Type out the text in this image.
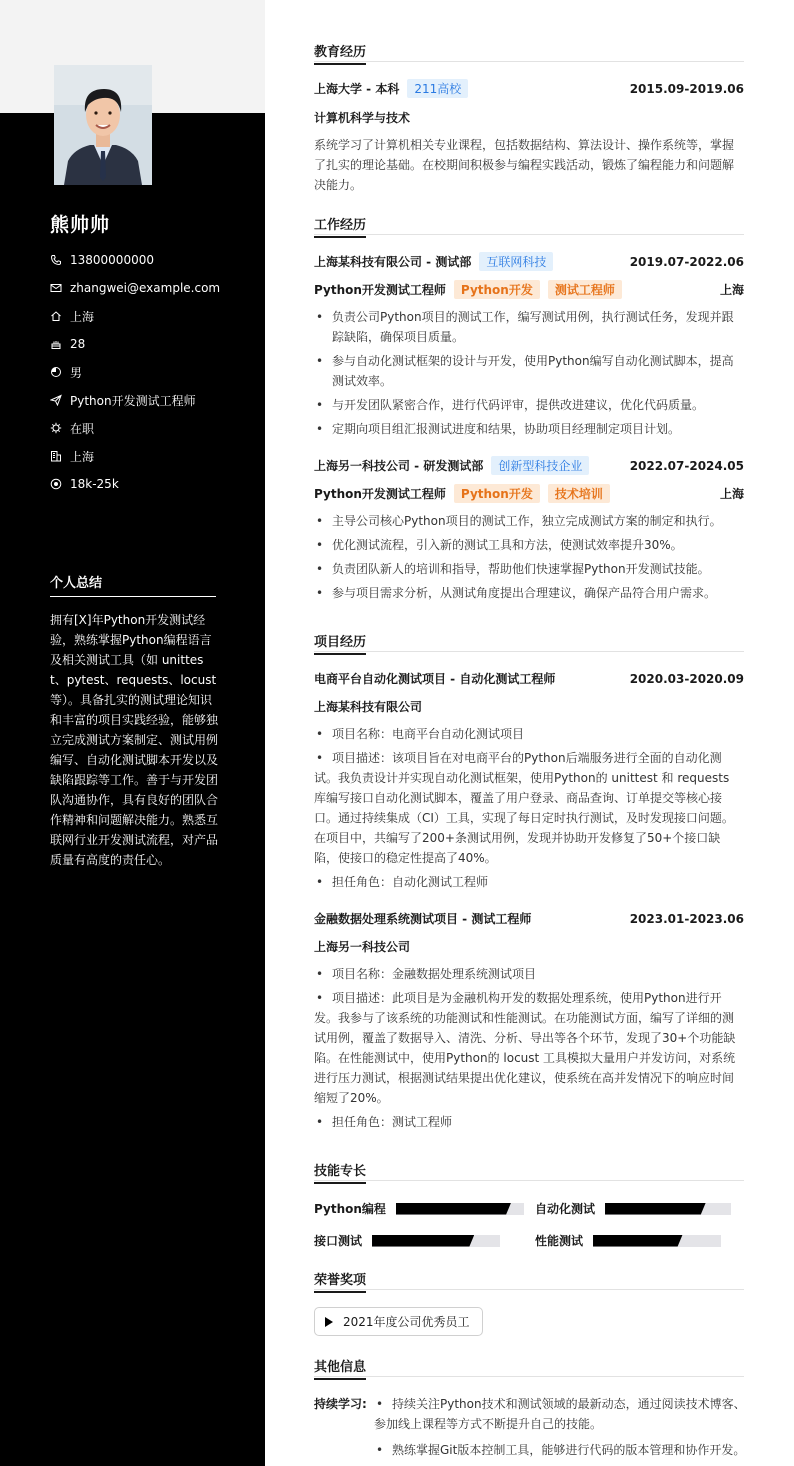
熊帅帅
13800000000
zhangwei@example.com
上海
28
男
Python开发测试工程师
在职
上海
18k-25k
个人总结
拥有[X]年Python开发测试经验，熟练掌握Python编程语言及相关测试工具（如 unittest、pytest、requests、locust 等）。具备扎实的测试理论知识和丰富的项目实践经验，能够独立完成测试方案制定、测试用例编写、自动化测试脚本开发以及缺陷跟踪等工作。善于与开发团队沟通协作，具有良好的团队合作精神和问题解决能力。熟悉互联网行业开发测试流程，对产品质量有高度的责任心。
教育经历
上海大学 - 本科 211高校	2015.09-2019.06
计算机科学与技术
系统学习了计算机相关专业课程，包括数据结构、算法设计、操作系统等，掌握了扎实的理论基础。在校期间积极参与编程实践活动，锻炼了编程能力和问题解决能力。
工作经历
上海某科技有限公司 - 测试部 互联网科技	2019.07-2022.06
Python开发测试工程师 Python开发 测试工程师	上海
• 负责公司Python项目的测试工作，编写测试用例，执行测试任务，发现并跟踪缺陷，确保项目质量。
• 参与自动化测试框架的设计与开发，使用Python编写自动化测试脚本，提高测试效率。
• 与开发团队紧密合作，进行代码评审，提供改进建议，优化代码质量。
• 定期向项目组汇报测试进度和结果，协助项目经理制定项目计划。
上海另一科技公司 - 研发测试部 创新型科技企业	2022.07-2024.05
Python开发测试工程师 Python开发 技术培训	上海
• 主导公司核心Python项目的测试工作，独立完成测试方案的制定和执行。
• 优化测试流程，引入新的测试工具和方法，使测试效率提升30%。
• 负责团队新人的培训和指导，帮助他们快速掌握Python开发测试技能。
• 参与项目需求分析，从测试角度提出合理建议，确保产品符合用户需求。
项目经历
电商平台自动化测试项目 - 自动化测试工程师	2020.03-2020.09
上海某科技有限公司
• 项目名称：电商平台自动化测试项目
• 项目描述：该项目旨在对电商平台的Python后端服务进行全面的自动化测试。我负责设计并实现自动化测试框架，使用Python的 unittest 和 requests 库编写接口自动化测试脚本，覆盖了用户登录、商品查询、订单提交等核心接口。通过持续集成（CI）工具，实现了每日定时执行测试，及时发现接口问题。在项目中，共编写了200+条测试用例，发现并协助开发修复了50+个接口缺陷，使接口的稳定性提高了40%。
• 担任角色：自动化测试工程师
金融数据处理系统测试项目 - 测试工程师	2023.01-2023.06
上海另一科技公司
• 项目名称：金融数据处理系统测试项目
• 项目描述：此项目是为金融机构开发的数据处理系统，使用Python进行开发。我参与了该系统的功能测试和性能测试。在功能测试方面，编写了详细的测试用例，覆盖了数据导入、清洗、分析、导出等各个环节，发现了30+个功能缺陷。在性能测试中，使用Python的 locust 工具模拟大量用户并发访问，对系统进行压力测试，根据测试结果提出优化建议，使系统在高并发情况下的响应时间缩短了20%。
• 担任角色：测试工程师
技能专长
Python编程	自动化测试
接口测试	性能测试
荣誉奖项
2021年度公司优秀员工
其他信息
持续学习:
•	持续关注Python技术和测试领域的最新动态，通过阅读技术博客、参加线上课程等方式不断提升自己的技能。
• 熟练掌握Git版本控制工具，能够进行代码的版本管理和协作开发。
